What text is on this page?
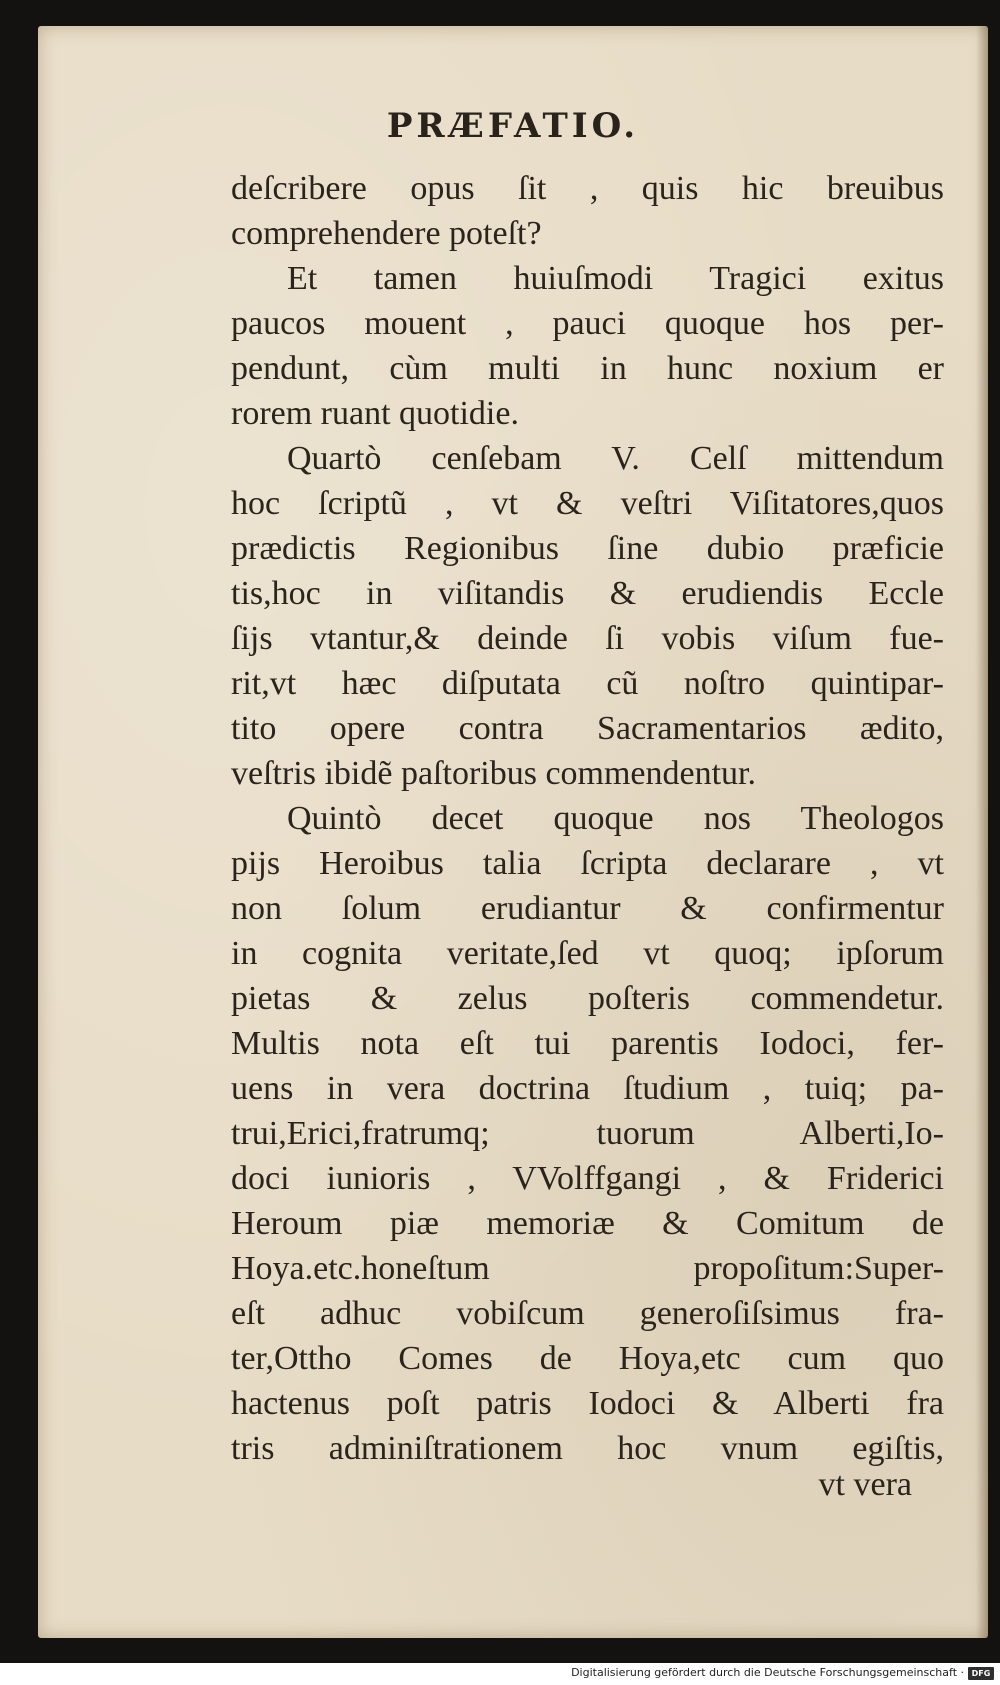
PRÆFATIO.
deſcribere opus ſit , quis hic breuibus
comprehendere poteſt?
Et tamen huiuſmodi Tragici exitus
paucos mouent , pauci quoque hos per-
pendunt, cùm multi in hunc noxium er
rorem ruant quotidie.
Quartò cenſebam V. Celſ mittendum
hoc ſcriptũ , vt & veſtri Viſitatores,quos
prædictis Regionibus ſine dubio præficie
tis,hoc in viſitandis & erudiendis Eccle
ſijs vtantur,& deinde ſi vobis viſum fue-
rit,vt hæc diſputata cũ noſtro quintipar-
tito opere contra Sacramentarios ædito,
veſtris ibidẽ paſtoribus commendentur.
Quintò decet quoque nos Theologos
pijs Heroibus talia ſcripta declarare , vt
non ſolum erudiantur & confirmentur
in cognita veritate,ſed vt quoq; ipſorum
pietas & zelus poſteris commendetur.
Multis nota eſt tui parentis Iodoci, fer-
uens in vera doctrina ſtudium , tuiq; pa-
trui,Erici,fratrumq; tuorum Alberti,Io-
doci iunioris , VVolffgangi , & Friderici
Heroum piæ memoriæ & Comitum de
Hoya.etc.honeſtum propoſitum:Super-
eſt adhuc vobiſcum generoſiſsimus fra-
ter,Ottho Comes de Hoya,etc cum quo
hactenus poſt patris Iodoci & Alberti fra
tris adminiſtrationem hoc vnum egiſtis,
vt vera
Digitalisierung gefördert durch die Deutsche Forschungsgemeinschaft · DFG
